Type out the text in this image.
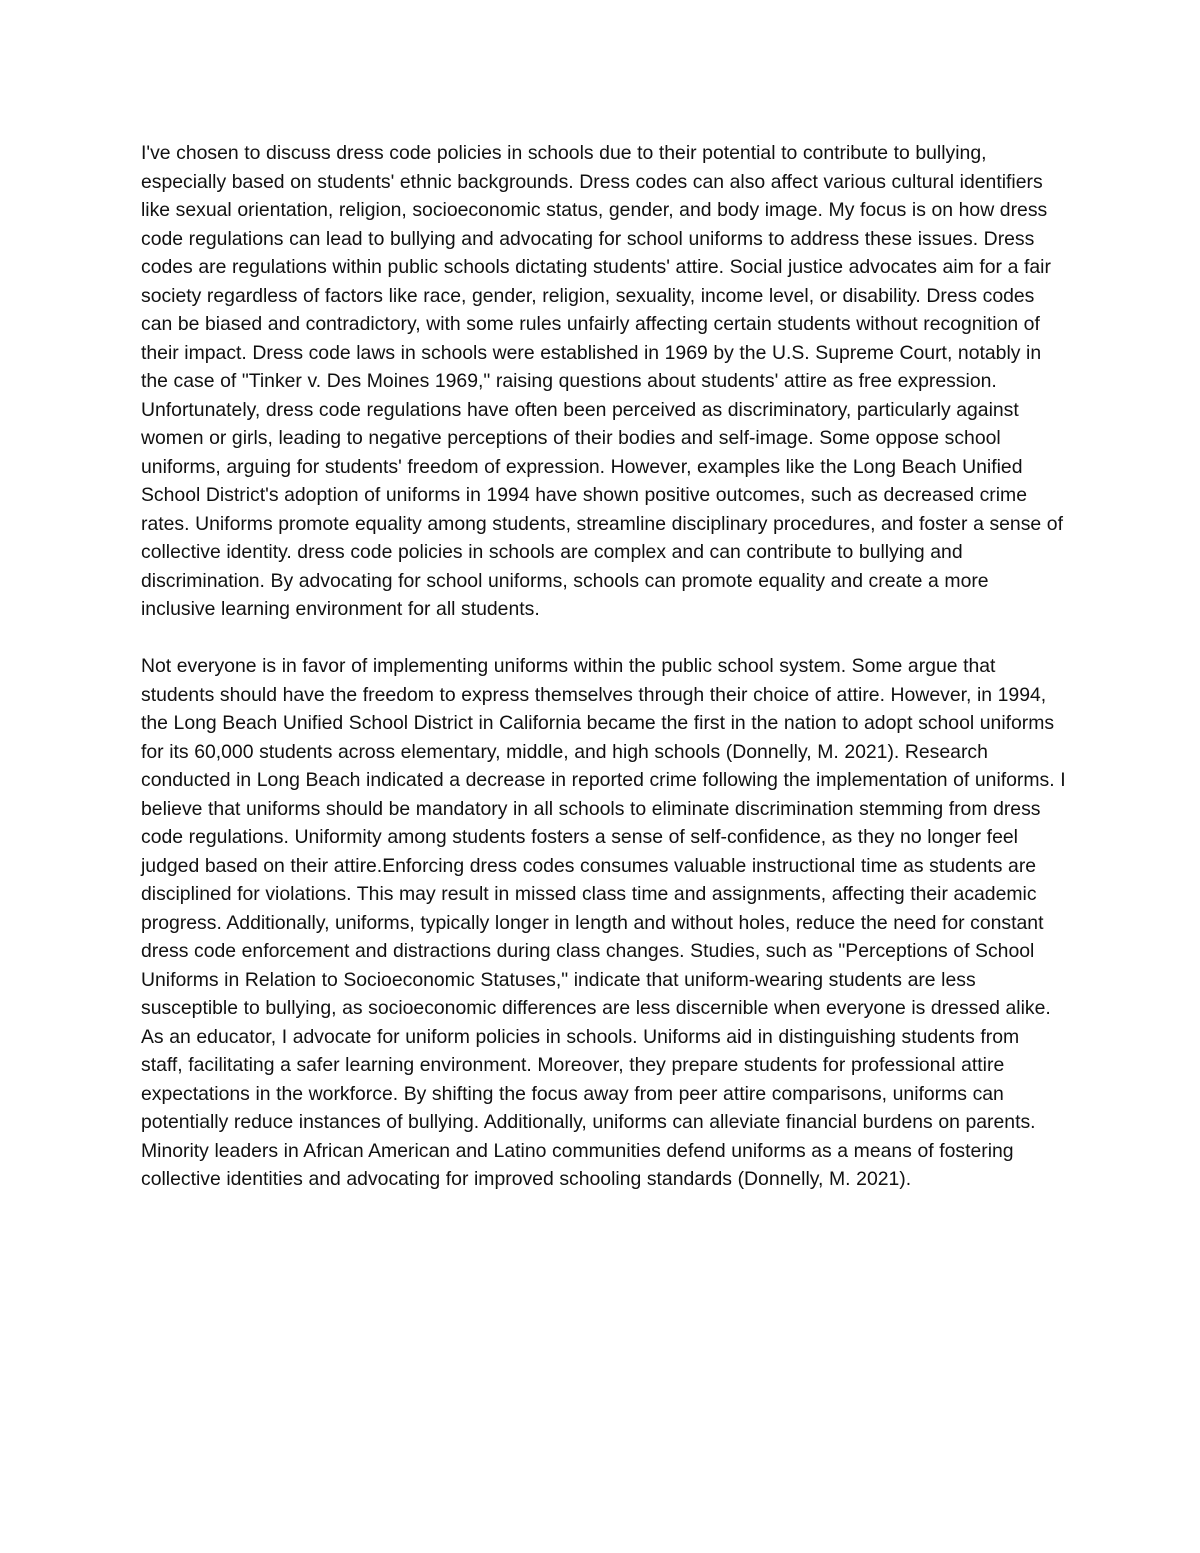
I've chosen to discuss dress code policies in schools due to their potential to contribute to bullying, especially based on students' ethnic backgrounds. Dress codes can also affect various cultural identifiers like sexual orientation, religion, socioeconomic status, gender, and body image. My focus is on how dress code regulations can lead to bullying and advocating for school uniforms to address these issues. Dress codes are regulations within public schools dictating students' attire. Social justice advocates aim for a fair society regardless of factors like race, gender, religion, sexuality, income level, or disability. Dress codes can be biased and contradictory, with some rules unfairly affecting certain students without recognition of their impact. Dress code laws in schools were established in 1969 by the U.S. Supreme Court, notably in the case of "Tinker v. Des Moines 1969," raising questions about students' attire as free expression. Unfortunately, dress code regulations have often been perceived as discriminatory, particularly against women or girls, leading to negative perceptions of their bodies and self-image. Some oppose school uniforms, arguing for students' freedom of expression. However, examples like the Long Beach Unified School District's adoption of uniforms in 1994 have shown positive outcomes, such as decreased crime rates. Uniforms promote equality among students, streamline disciplinary procedures, and foster a sense of collective identity. dress code policies in schools are complex and can contribute to bullying and discrimination. By advocating for school uniforms, schools can promote equality and create a more inclusive learning environment for all students.

Not everyone is in favor of implementing uniforms within the public school system. Some argue that students should have the freedom to express themselves through their choice of attire. However, in 1994, the Long Beach Unified School District in California became the first in the nation to adopt school uniforms for its 60,000 students across elementary, middle, and high schools (Donnelly, M. 2021). Research conducted in Long Beach indicated a decrease in reported crime following the implementation of uniforms. I believe that uniforms should be mandatory in all schools to eliminate discrimination stemming from dress code regulations. Uniformity among students fosters a sense of self-confidence, as they no longer feel judged based on their attire.Enforcing dress codes consumes valuable instructional time as students are disciplined for violations. This may result in missed class time and assignments, affecting their academic progress. Additionally, uniforms, typically longer in length and without holes, reduce the need for constant dress code enforcement and distractions during class changes. Studies, such as "Perceptions of School Uniforms in Relation to Socioeconomic Statuses," indicate that uniform-wearing students are less susceptible to bullying, as socioeconomic differences are less discernible when everyone is dressed alike. As an educator, I advocate for uniform policies in schools. Uniforms aid in distinguishing students from staff, facilitating a safer learning environment. Moreover, they prepare students for professional attire expectations in the workforce. By shifting the focus away from peer attire comparisons, uniforms can potentially reduce instances of bullying. Additionally, uniforms can alleviate financial burdens on parents. Minority leaders in African American and Latino communities defend uniforms as a means of fostering collective identities and advocating for improved schooling standards (Donnelly, M. 2021).
